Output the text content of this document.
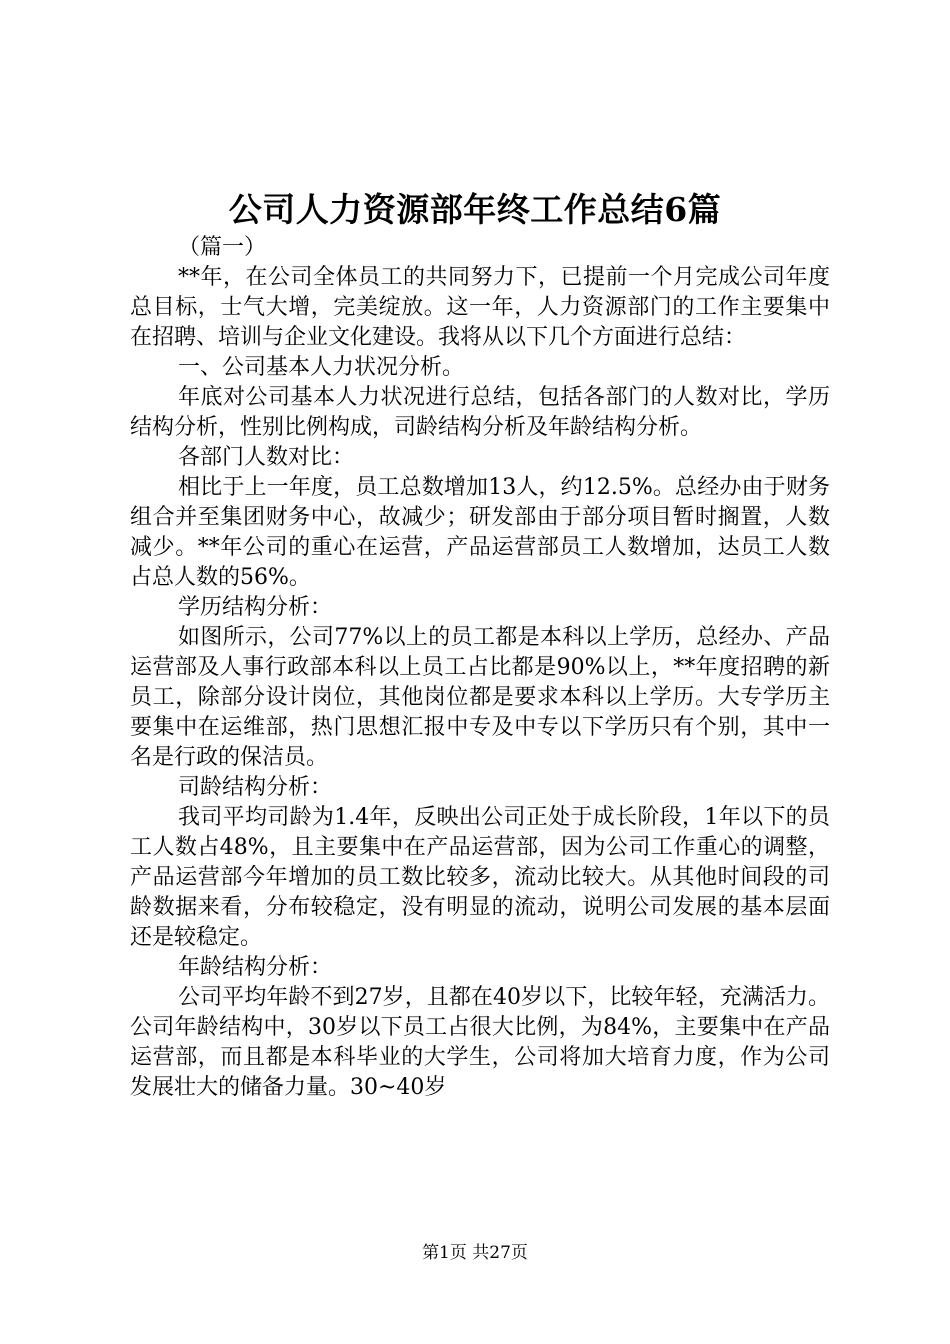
公司人力资源部年终工作总结6篇

（篇一）

**年，在公司全体员工的共同努力下，已提前一个月完成公司年度总目标，士气大增，完美绽放。这一年，人力资源部门的工作主要集中在招聘、培训与企业文化建设。我将从以下几个方面进行总结：

一、公司基本人力状况分析。

年底对公司基本人力状况进行总结，包括各部门的人数对比，学历结构分析，性别比例构成，司龄结构分析及年龄结构分析。

各部门人数对比：

相比于上一年度，员工总数增加13人，约12.5%。总经办由于财务组合并至集团财务中心，故减少；研发部由于部分项目暂时搁置，人数减少。**年公司的重心在运营，产品运营部员工人数增加，达员工人数占总人数的56%。

学历结构分析：

如图所示，公司77%以上的员工都是本科以上学历，总经办、产品运营部及人事行政部本科以上员工占比都是90%以上，**年度招聘的新员工，除部分设计岗位，其他岗位都是要求本科以上学历。大专学历主要集中在运维部，热门思想汇报中专及中专以下学历只有个别，其中一名是行政的保洁员。

司龄结构分析：

我司平均司龄为1.4年，反映出公司正处于成长阶段，1年以下的员工人数占48%，且主要集中在产品运营部，因为公司工作重心的调整，产品运营部今年增加的员工数比较多，流动比较大。从其他时间段的司龄数据来看，分布较稳定，没有明显的流动，说明公司发展的基本层面还是较稳定。

年龄结构分析：

公司平均年龄不到27岁，且都在40岁以下，比较年轻，充满活力。公司年龄结构中，30岁以下员工占很大比例，为84%，主要集中在产品运营部，而且都是本科毕业的大学生，公司将加大培育力度，作为公司发展壮大的储备力量。30~40岁

第1页 共27页
